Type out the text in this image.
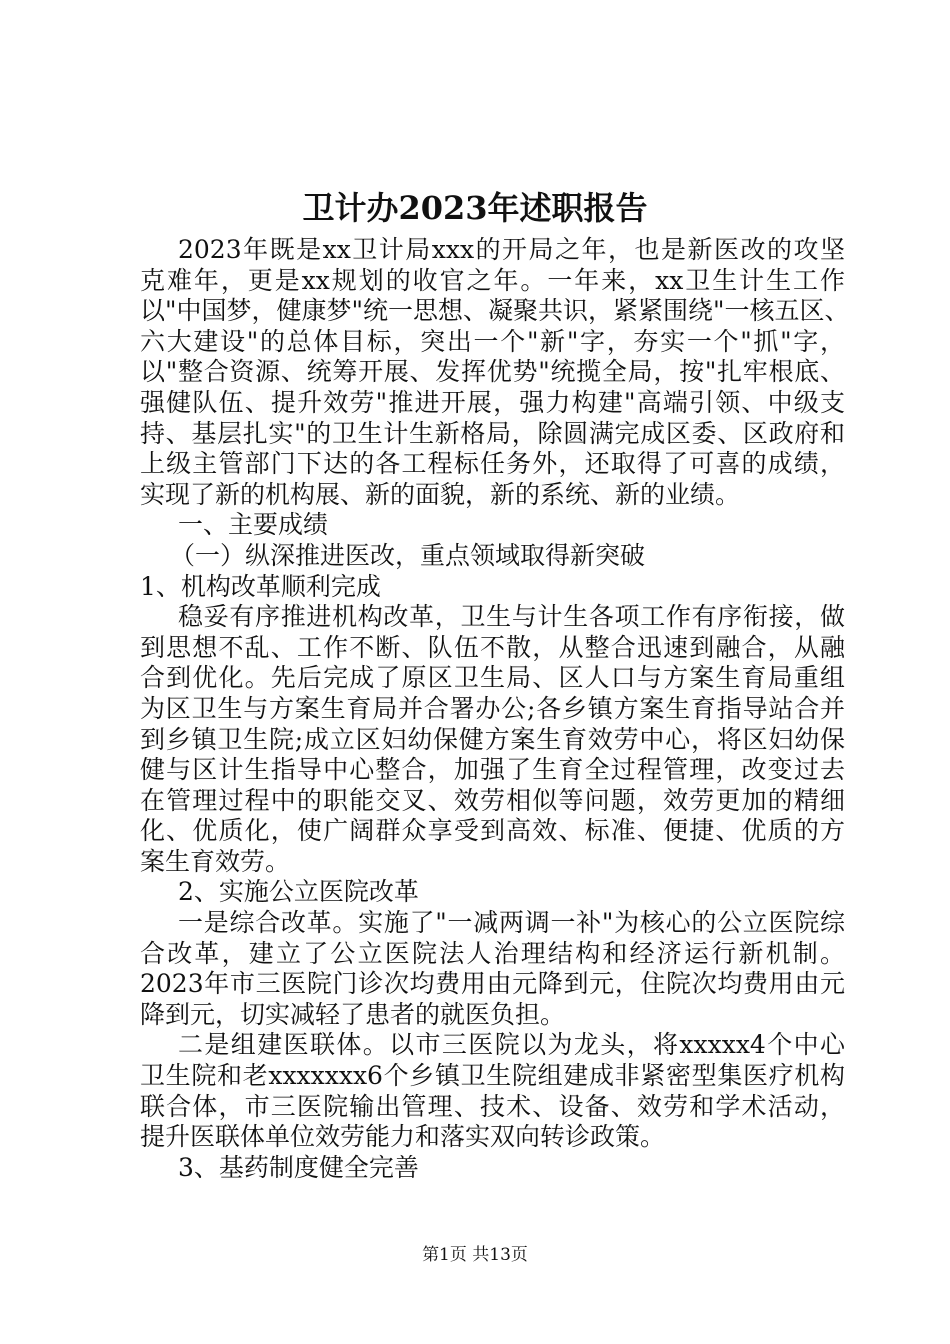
卫计办2023年述职报告
2023年既是xx卫计局xxx的开局之年，也是新医改的攻坚
克难年，更是xx规划的收官之年。一年来，xx卫生计生工作
以"中国梦，健康梦"统一思想、凝聚共识，紧紧围绕"一核五区、
六大建设"的总体目标，突出一个"新"字，夯实一个"抓"字，
以"整合资源、统筹开展、发挥优势"统揽全局，按"扎牢根底、
强健队伍、提升效劳"推进开展，强力构建"高端引领、中级支
持、基层扎实"的卫生计生新格局，除圆满完成区委、区政府和
上级主管部门下达的各工程标任务外，还取得了可喜的成绩，
实现了新的机构展、新的面貌，新的系统、新的业绩。
一、主要成绩
（一）纵深推进医改，重点领域取得新突破
1、机构改革顺利完成
稳妥有序推进机构改革，卫生与计生各项工作有序衔接，做
到思想不乱、工作不断、队伍不散，从整合迅速到融合，从融
合到优化。先后完成了原区卫生局、区人口与方案生育局重组
为区卫生与方案生育局并合署办公;各乡镇方案生育指导站合并
到乡镇卫生院;成立区妇幼保健方案生育效劳中心，将区妇幼保
健与区计生指导中心整合，加强了生育全过程管理，改变过去
在管理过程中的职能交叉、效劳相似等问题，效劳更加的精细
化、优质化，使广阔群众享受到高效、标准、便捷、优质的方
案生育效劳。
2、实施公立医院改革
一是综合改革。实施了"一减两调一补"为核心的公立医院综
合改革，建立了公立医院法人治理结构和经济运行新机制。
2023年市三医院门诊次均费用由元降到元，住院次均费用由元
降到元，切实减轻了患者的就医负担。
二是组建医联体。以市三医院以为龙头，将xxxxx4个中心
卫生院和老xxxxxxx6个乡镇卫生院组建成非紧密型集医疗机构
联合体，市三医院输出管理、技术、设备、效劳和学术活动，
提升医联体单位效劳能力和落实双向转诊政策。
3、基药制度健全完善
第1页 共13页
